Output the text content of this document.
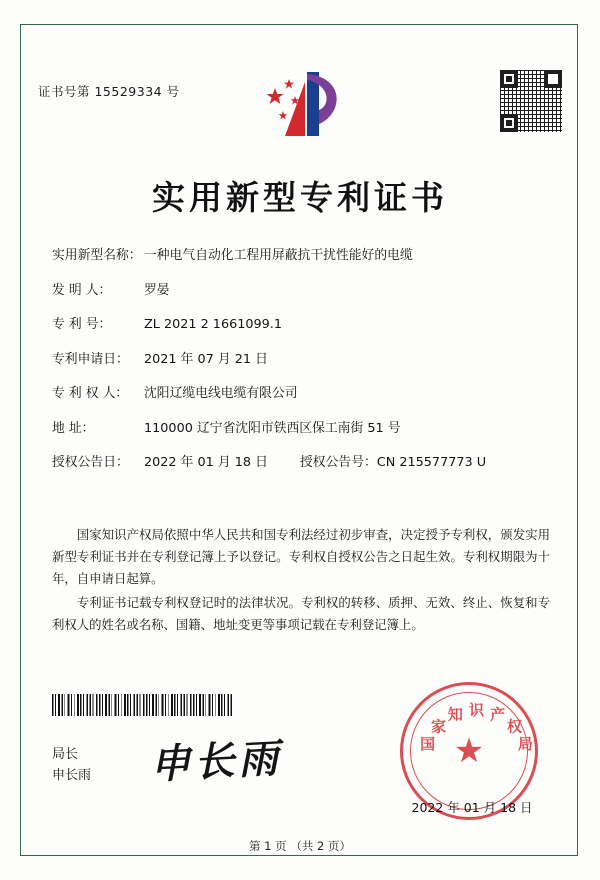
证书号第 15529334 号
实用新型专利证书
实用新型名称： 一种电气自动化工程用屏蔽抗干扰性能好的电缆
发 明 人：	罗晏
专 利 号：	ZL 2021 2 1661099.1
专利申请日： 2021 年 07 月 21 日
专 利 权 人： 沈阳辽缆电线电缆有限公司
地 址：	110000 辽宁省沈阳市铁西区保工南街 51 号
授权公告日： 2022 年 01 月 18 日	授权公告号：CN 215577773 U

国家知识产权局依照中华人民共和国专利法经过初步审查，决定授予专利权，颁发实用新型专利证书并在专利登记簿上予以登记。专利权自授权公告之日起生效。专利权期限为十年，自申请日起算。

专利证书记载专利权登记时的法律状况。专利权的转移、质押、无效、终止、恢复和专利权人的姓名或名称、国籍、地址变更等事项记载在专利登记簿上。

局长
申长雨 申长雨	国
家
知 识 产
权
局
★
2022 年 01 月 18 日
第 1 页 （共 2 页）
